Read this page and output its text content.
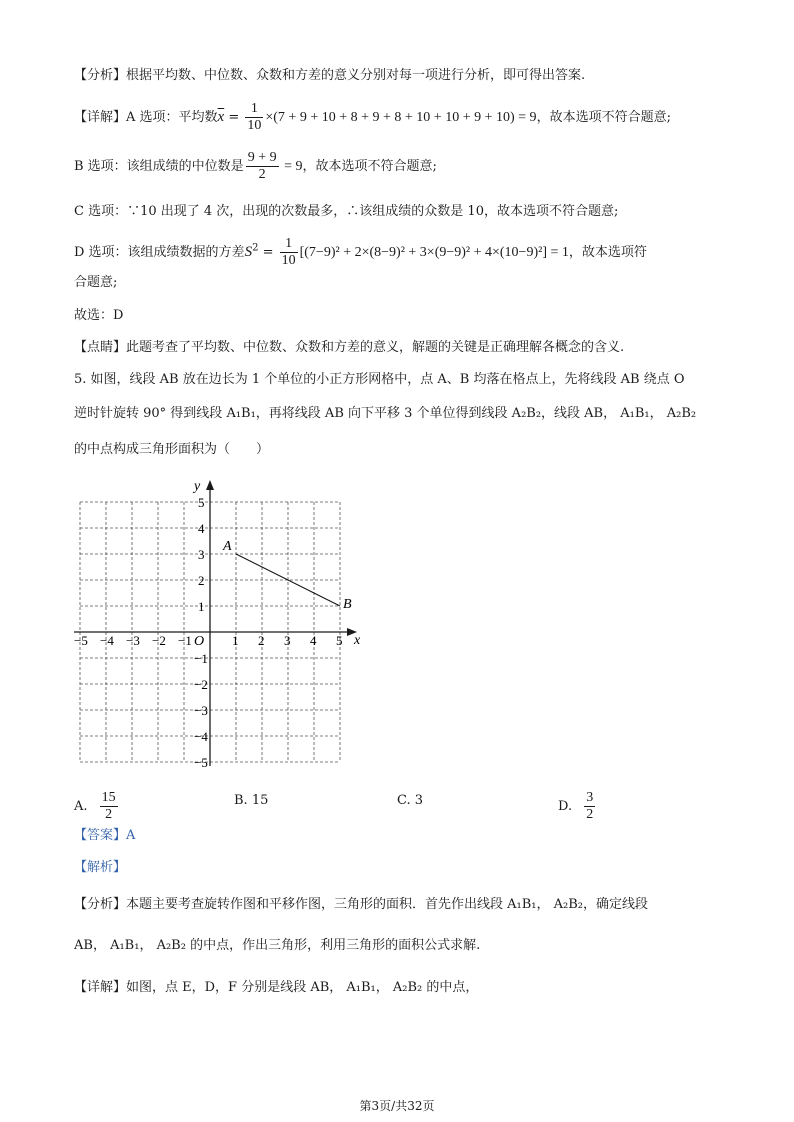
【分析】根据平均数、中位数、众数和方差的意义分别对每一项进行分析，即可得出答案.
【详解】A 选项：平均数$\overline{x} = \frac{1}{10} \times(7 + 9 + 10 + 8 + 9 + 8 + 10 + 10 + 9 + 10) = 9$，故本选项不符合题意;
B 选项：该组成绩的中位数是 $\frac{9 + 9}{2} = 9$，故本选项不符合题意;
C 选项：∵10 出现了 4 次，出现的次数最多，∴该组成绩的众数是 10，故本选项不符合题意;
D 选项：该组成绩数据的方差$S^2 = \frac{1}{10} [(7-9)^2 + 2\times(8-9)^2 + 3\times(9-9)^2 + 4\times(10-9)^2] = 1$，故本选项符
合题意;
故选：D
【点睛】此题考查了平均数、中位数、众数和方差的意义，解题的关键是正确理解各概念的含义.
5. 如图，线段 AB 放在边长为 1 个单位的小正方形网格中，点 A、B 均落在格点上，先将线段 AB 绕点 O
逆时针旋转 90° 得到线段 A₁B₁，再将线段 AB 向下平移 3 个单位得到线段 A₂B₂，线段 AB， A₁B₁， A₂B₂
的中点构成三角形面积为（　　）
x
y
O
−5 −4 −3 −2 −1	1 2 3 4 5
5
4
3
2
1
−1
−2
−3
−4
−5
A
B
A. $\frac{15}{2}$	B. 15	C. 3	D. $\frac{3}{2}$
【答案】A
【解析】
【分析】本题主要考查旋转作图和平移作图，三角形的面积．首先作出线段 A₁B₁， A₂B₂，确定线段
AB， A₁B₁， A₂B₂ 的中点，作出三角形，利用三角形的面积公式求解.
【详解】如图，点 E，D，F 分别是线段 AB， A₁B₁， A₂B₂ 的中点，
第3页/共32页
